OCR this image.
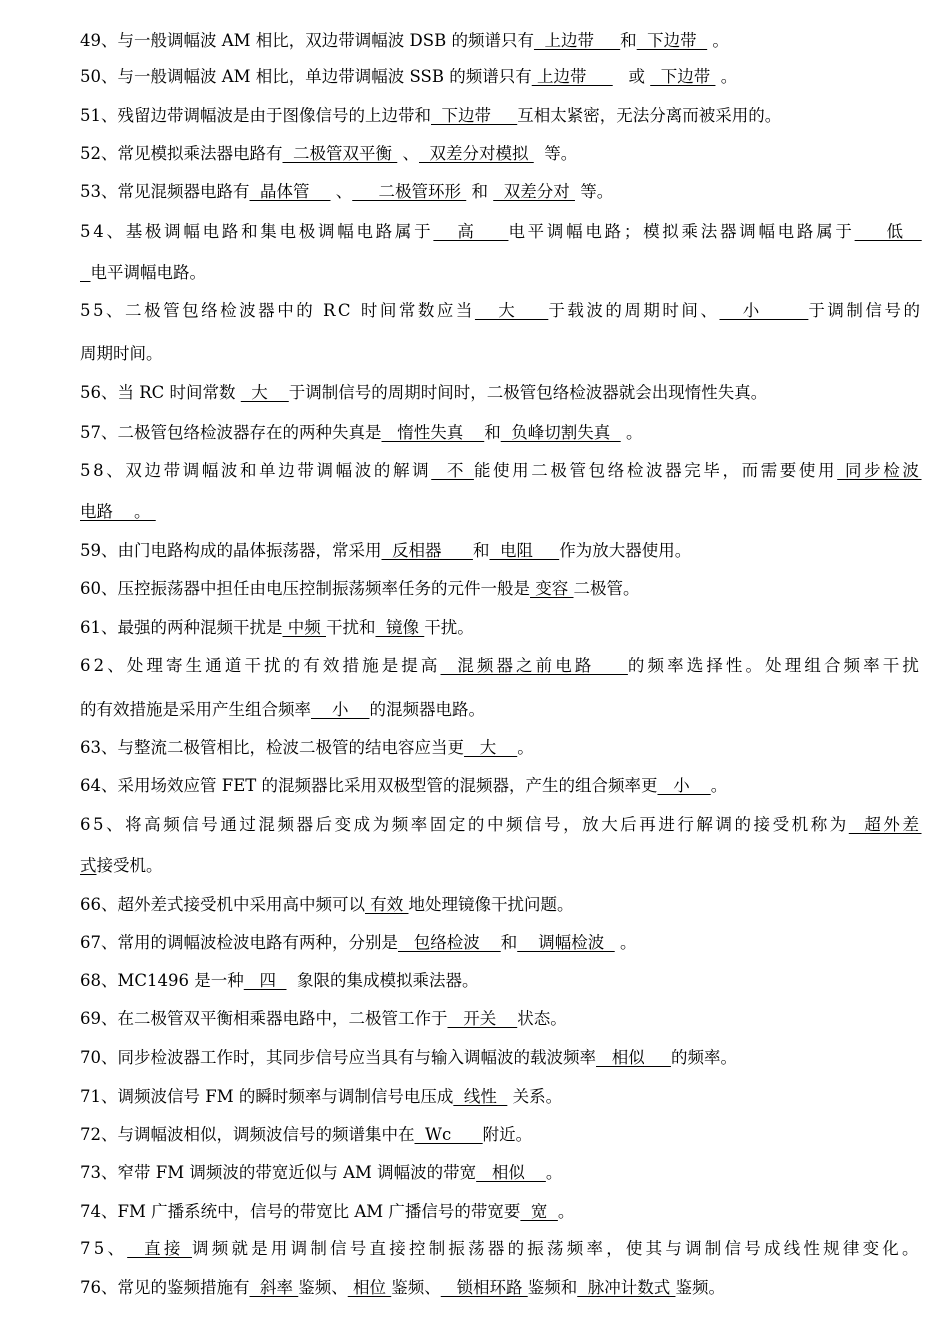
49、与一般调幅波 AM 相比，双边带调幅波 DSB 的频谱只有  上边带     和  下边带   。
50、与一般调幅波 AM 相比，单边带调幅波 SSB 的频谱只有 上边带        或   下边带  。
51、残留边带调幅波是由于图像信号的上边带和  下边带     互相太紧密，无法分离而被采用的。
52、常见模拟乘法器电路有  二极管双平衡  、  双差分对模拟   等。
53、常见混频器电路有  晶体管     、     二极管环形  和   双差分对  等。
54、基极调幅电路和集电极调幅电路属于   高    电平调幅电路；模拟乘法器调幅电路属于    低
电平调幅电路。
55、二极管包络检波器中的 RC 时间常数应当   大    于载波的周期时间、   小      于调制信号的
周期时间。
56、当 RC 时间常数   大    于调制信号的周期时间时，二极管包络检波器就会出现惰性失真。
57、二极管包络检波器存在的两种失真是   惰性失真    和  负峰切割失真   。
58、双边带调幅波和单边带调幅波的解调  不 能使用二极管包络检波器完毕，而需要使用 同步检波
电路    。
59、由门电路构成的晶体振荡器，常采用  反相器      和  电阻     作为放大器使用。
60、压控振荡器中担任由电压控制振荡频率任务的元件一般是 变容 二极管。
61、最强的两种混频干扰是 中频 干扰和  镜像 干扰。
62、处理寄生通道干扰的有效措施是提高  混频器之前电路    的频率选择性。处理组合频率干扰
的有效措施是采用产生组合频率    小    的混频器电路。
63、与整流二极管相比，检波二极管的结电容应当更   大    。
64、采用场效应管 FET 的混频器比采用双极型管的混频器，产生的组合频率更   小    。
65、将高频信号通过混频器后变成为频率固定的中频信号，放大后再进行解调的接受机称为  超外差
式接受机。
66、超外差式接受机中采用高中频可以 有效 地处理镜像干扰问题。
67、常用的调幅波检波电路有两种，分别是   包络检波    和    调幅检波   。
68、MC1496 是一种   四    象限的集成模拟乘法器。
69、在二极管双平衡相乘器电路中，二极管工作于   开关    状态。
70、同步检波器工作时，其同步信号应当具有与输入调幅波的载波频率   相似     的频率。
71、调频波信号 FM 的瞬时频率与调制信号电压成  线性   关系。
72、与调幅波相似，调频波信号的频谱集中在  Wc      附近。
73、窄带 FM 调频波的带宽近似与 AM 调幅波的带宽   相似    。
74、FM 广播系统中，信号的带宽比 AM 广播信号的带宽要  宽  。
75、  直接 调频就是用调制信号直接控制振荡器的振荡频率，使其与调制信号成线性规律变化。
76、常见的鉴频措施有  斜率 鉴频、 相位 鉴频、   锁相环路 鉴频和  脉冲计数式 鉴频。
